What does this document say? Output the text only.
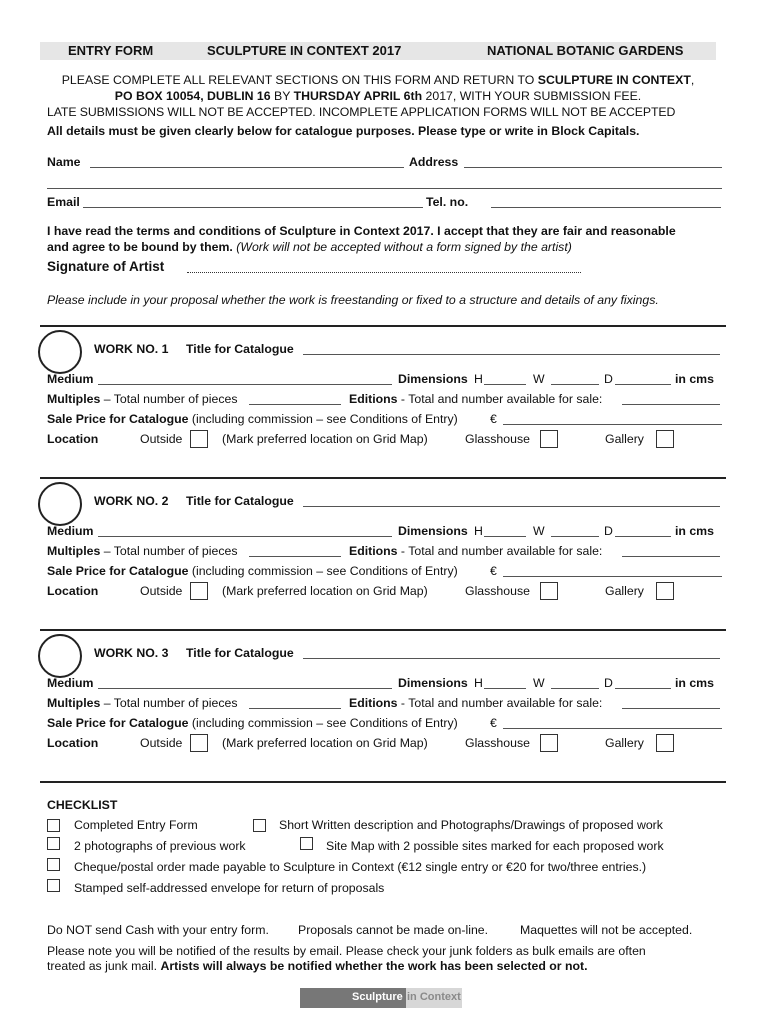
ENTRY FORM	SCULPTURE IN CONTEXT 2017	NATIONAL BOTANIC GARDENS
PLEASE COMPLETE ALL RELEVANT SECTIONS ON THIS FORM AND RETURN TO SCULPTURE IN CONTEXT,
PO BOX 10054, DUBLIN 16 BY THURSDAY APRIL 6th 2017, WITH YOUR SUBMISSION FEE.
LATE SUBMISSIONS WILL NOT BE ACCEPTED. INCOMPLETE APPLICATION FORMS WILL NOT BE ACCEPTED
All details must be given clearly below for catalogue purposes. Please type or write in Block Capitals.
Name	Address
Email	Tel. no.
I have read the terms and conditions of Sculpture in Context 2017. I accept that they are fair and reasonable
and agree to be bound by them. (Work will not be accepted without a form signed by the artist)
Signature of Artist
Please include in your proposal whether the work is freestanding or fixed to a structure and details of any fixings.
WORK NO. 1 Title for Catalogue
Medium	Dimensions H	W	D	in cms
Multiples – Total number of pieces	Editions - Total and number available for sale:
Sale Price for Catalogue (including commission – see Conditions of Entry)	€
Location	Outside	(Mark preferred location on Grid Map)	Glasshouse	Gallery
WORK NO. 2 Title for Catalogue
Medium	Dimensions H	W	D	in cms
Multiples – Total number of pieces	Editions - Total and number available for sale:
Sale Price for Catalogue (including commission – see Conditions of Entry)	€
Location	Outside	(Mark preferred location on Grid Map)	Glasshouse	Gallery
WORK NO. 3 Title for Catalogue
Medium	Dimensions H	W	D	in cms
Multiples – Total number of pieces	Editions - Total and number available for sale:
Sale Price for Catalogue (including commission – see Conditions of Entry)	€
Location	Outside	(Mark preferred location on Grid Map)	Glasshouse	Gallery
CHECKLIST
Completed Entry Form	Short Written description and Photographs/Drawings of proposed work
2 photographs of previous work	Site Map with 2 possible sites marked for each proposed work
Cheque/postal order made payable to Sculpture in Context (€12 single entry or €20 for two/three entries.)
Stamped self-addressed envelope for return of proposals
Do NOT send Cash with your entry form. Proposals cannot be made on-line.	Maquettes will not be accepted.
Please note you will be notified of the results by email. Please check your junk folders as bulk emails are often
treated as junk mail. Artists will always be notified whether the work has been selected or not.
Sculpture in Context
